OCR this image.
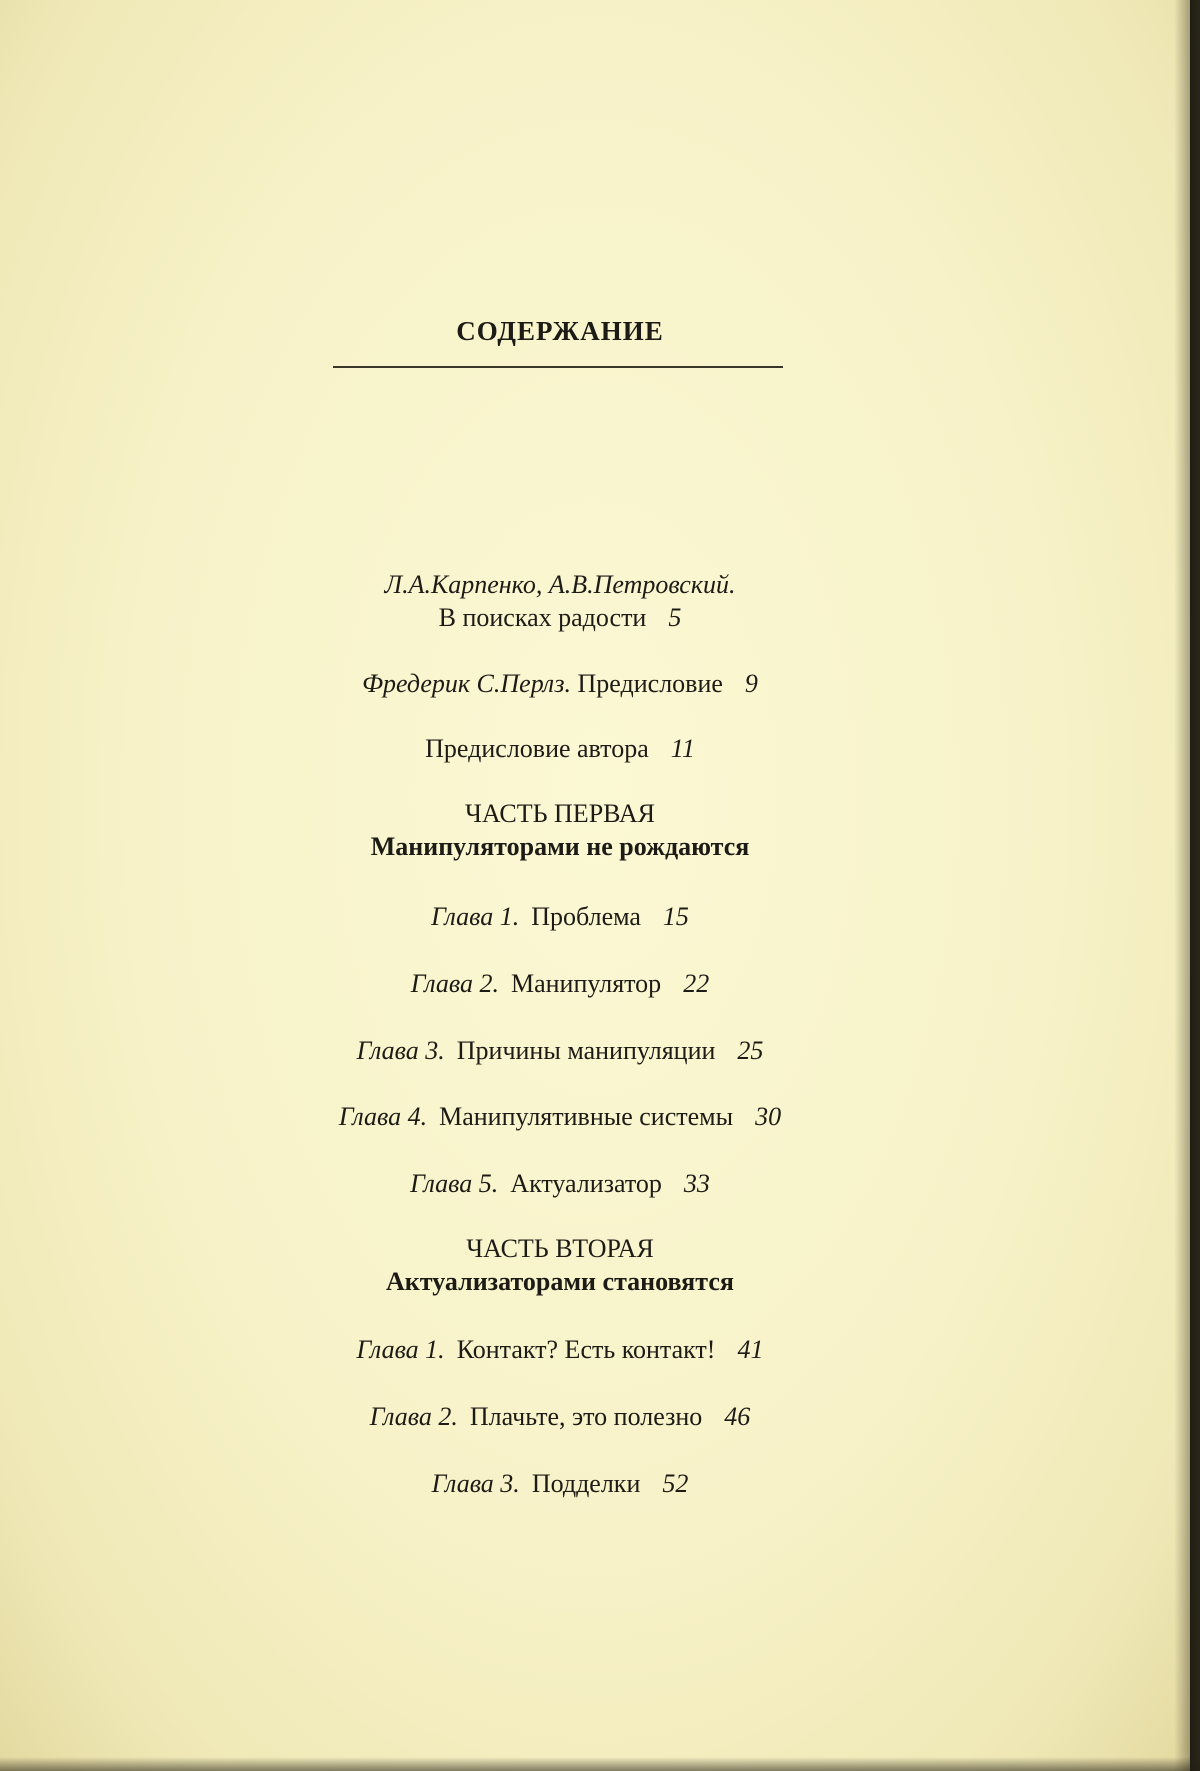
СОДЕРЖАНИЕ
Л.А.Карпенко, А.В.Петровский.
В поисках радости 5
Фредерик С.Перлз. Предисловие 9
Предисловие автора 11
ЧАСТЬ ПЕРВАЯ
Манипуляторами не рождаются
Глава 1. Проблема 15
Глава 2. Манипулятор 22
Глава 3. Причины манипуляции 25
Глава 4. Манипулятивные системы 30
Глава 5. Актуализатор 33
ЧАСТЬ ВТОРАЯ
Актуализаторами становятся
Глава 1. Контакт? Есть контакт! 41
Глава 2. Плачьте, это полезно 46
Глава 3. Подделки 52
